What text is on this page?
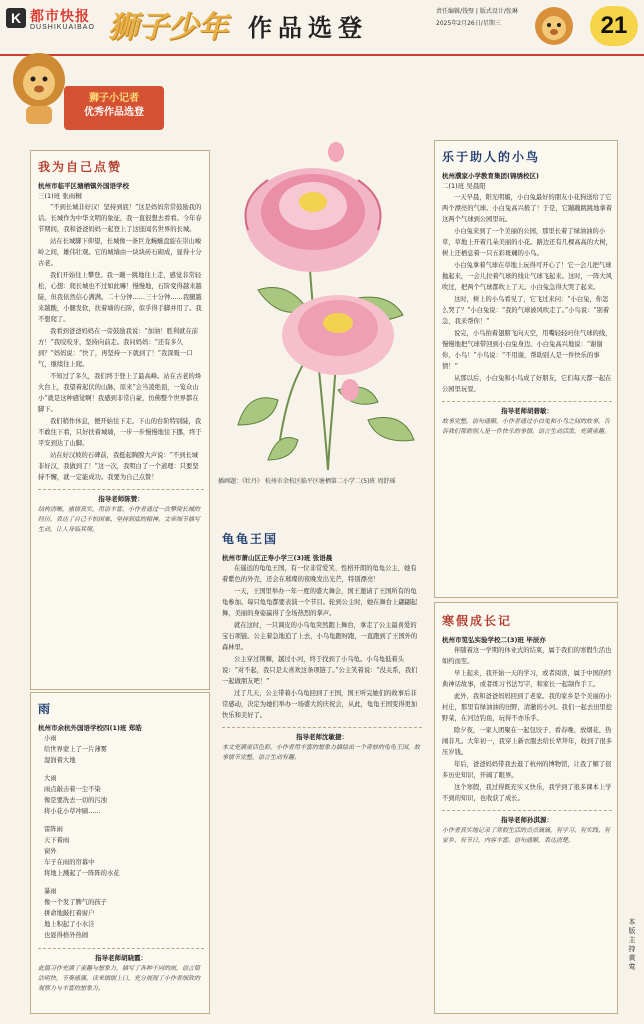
K 都市快报
DUSHIKUAIBAO 狮子少年 作品选登
责任编辑/钱璧 | 版式设计/张琳
2025年2月26日/星期三	21
狮子小记者
优秀作品选登
我为自己点赞
杭州市临平区塘栖镇外国语学校
三(1)班 张雨桐
“不到长城非好汉！坚持到底！”这是妈妈常常鼓励我的话。长城作为中华文明的象征，我一直很想去看看。今年春节期间，我和爸爸妈妈一起登上了这座闻名世界的长城。
站在长城脚下仰望，长城像一条巨龙蜿蜒盘旋在崇山峻岭之间，雄伟壮观。它的城墙由一块块砖石砌成，显得十分古老。
我们开始往上攀登。我一蹦一跳地往上走，感觉非常轻松，心想：爬长城也不过如此嘛！慢慢地，石阶变得越来越陡，但我依然信心满满。二十分钟……三十分钟……我腿越来越酸，小腿发软，扶着墙的石阶，似乎得手脚并用了。我不想爬了。
我看到爸爸妈妈在一旁鼓励我说：“加油！胜利就在前方！”我咬咬牙，坚持向前走。我问妈妈：“还有多久到？”妈妈说：“快了，再坚持一下就到了！”我深吸一口气，继续往上爬。
不知过了多久，我们终于登上了最高峰。站在古老的烽火台上，我望着起伏的山脉，原来“会当凌绝顶，一览众山小”就是这种感觉啊！我感到非常自豪，仿佛整个世界都在脚下。
我们稍作休息，便开始往下走。下山的台阶特别陡，我不敢往下看，只好扶着城墙，一步一步慢慢地往下挪，终于平安到达了山脚。
站在好汉坡的石碑前，我挺起胸膛大声说：“不到长城非好汉，我做到了！”这一次，我明白了一个道理：只要坚持不懈，就一定能成功。我要为自己点赞！
指导老师陈赞：
结构清晰，感情真实，用语丰富，小作者通过一次攀爬长城的经历，表达了自己不怕困难、坚持到底的精神。文章细节描写生动，让人身临其境。
雨
杭州市余杭外国语学校四(1)班 郑皓
小雨
给世界蒙上了一片薄雾
湿润着大地
大雨
雨点敲击着一尘不染
像是要洗去一切的污浊
将小花小草冲刷……
雷阵雨
天下着雨
窗外
车子在雨的帘幕中
将地上溅起了一阵阵的水花
暴雨
像一个发了脾气的孩子
拼命地敲打着窗户
地上积起了小水洼
也显得格外热闹
指导老师胡晓霞：
此篇习作充满了童趣与想象力，描写了各种不同的雨，语言简洁明快，节奏感强，读来朗朗上口，充分展现了小作者细致的观察力与丰富的想象力。
插画题：《牡丹》 杭州市余杭区临平区塘栖第二小学二(5)班 周舒瑶
龟龟王国
杭州市萧山区正寿小学三(3)班 张语晨
在遥远的龟龟王国，有一位非常爱笑、性格开朗的龟龟公主，她有着紫色的外壳，还会在璀璨的夜晚发出光芒，特别漂亮！
一天，王国里举办一年一度的盛大舞会，国王邀请了王国所有的龟龟参加。每只龟龟都要表演一个节目。轮到公主时，她在舞台上翩翩起舞，美丽的身姿赢得了全场热烈的掌声。
就在这时，一只调皮的小乌龟突然跑上舞台，拿走了公主最喜爱的宝石项链。公主着急地追了上去，小乌龟跑呀跑，一直跑到了王国外的森林里。
公主穿过荆棘，越过小河，终于找到了小乌龟。小乌龟低着头说：“对不起，我只是太喜欢这条项链了。”公主笑着说：“没关系，我们一起做朋友吧！”
过了几天，公主带着小乌龟回到了王国，国王听完她们的故事后非常感动，决定为她们举办一场盛大的庆祝会，从此，龟龟王国变得更加快乐和美好了。
指导老师沈敏捷：
本文充满童话色彩，小作者用丰富的想象力描绘出一个奇妙的龟龟王国，故事情节完整，语言生动有趣。
乐于助人的小鸟
杭州濮家小学教育集团(锦绣校区)
二(1)班 吴晨阳
一天早晨，阳光明媚，小白兔最好的朋友小花狗送给了它两个漂亮的气球。小白兔高兴极了！于是，它蹦蹦跳跳地拿着这两个气球到公园里玩。
小白兔来到了一个美丽的公园，那里长着了绿油油的小草，草地上开着几朵美丽的小花。路边还有几棵高高的大树，树上还栖息着一只五彩斑斓的小鸟。
小白兔拿着气球在草地上玩得可开心了！它一会儿把气球抛起来，一会儿拉着气球的线让气球飞起来。这时，一阵大风吹过，把两个气球都吹上了天。小白兔急得大哭了起来。
这时，树上的小鸟看见了，它飞过来问：“小白兔，你怎么哭了？”小白兔说：“我的气球被风吹走了。”小鸟说：“别着急，我来帮你！”
说完，小鸟拍着翅膀飞向天空，用嘴轻轻叼住气球的线，慢慢地把气球带回到小白兔身边。小白兔高兴地说：“谢谢你，小鸟！”小鸟说：“不用谢，帮助别人是一件快乐的事情！”
从那以后，小白兔和小鸟成了好朋友，它们每天都一起在公园里玩耍。
指导老师胡碧敏：
故事完整，语句通顺，小作者通过小白兔和小鸟之间的故事，告诉我们帮助别人是一件快乐的事情。语言生动活泼，充满童趣。
寒假成长记
杭州市笕弘实验学校二(3)班 毕辰亦
伴随着这一学期的休业式的结束，属于我们的寒假生活也如约而至。
早上起来，我开始一天的学习，或者阅读，属于中国的经典神话故事，或者练习书法写字，和家长一起制作手工。
此外，我和爸爸妈妈回到了老家。我的家乡是个美丽的小村庄，那里有绿油油的田野，清澈的小河。我们一起去田里挖野菜，在河边钓鱼，玩得不亦乐乎。
除夕夜，一家人团聚在一起包饺子、看春晚、放烟花，热闹非凡。大年初一，我穿上新衣服去给长辈拜年，收到了很多压岁钱。
年后，爸爸妈妈带我去逛了杭州的博物馆，让我了解了很多历史知识，开阔了眼界。
这个寒假，我过得既充实又快乐，我学到了很多课本上学不到的知识，也收获了成长。
指导老师孙淇源：
小作者真实地记录了寒假生活的点点滴滴，有学习、有实践、有家乡、有节日，内容丰富。语句通顺，表达清楚。
本版主持 黄莺
